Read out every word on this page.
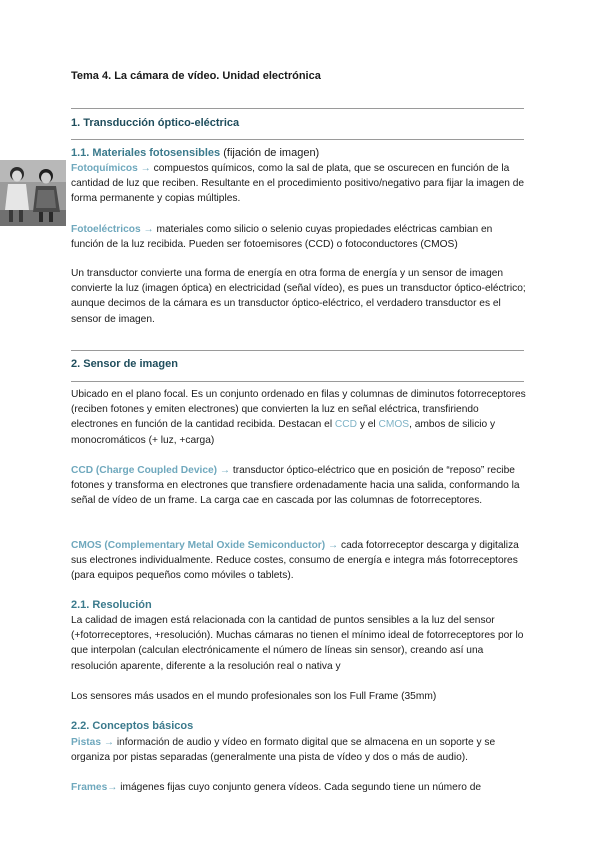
Tema 4. La cámara de vídeo. Unidad electrónica
1. Transducción óptico-eléctrica
1.1. Materiales fotosensibles (fijación de imagen)

Fotoquímicos → compuestos químicos, como la sal de plata, que se oscurecen en función de la cantidad de luz que reciben. Resultante en el procedimiento positivo/negativo para fijar la imagen de forma permanente y copias múltiples.

Fotoeléctricos → materiales como silicio o selenio cuyas propiedades eléctricas cambian en función de la luz recibida. Pueden ser fotoemisores (CCD) o fotoconductores (CMOS)

Un transductor convierte una forma de energía en otra forma de energía y un sensor de imagen convierte la luz (imagen óptica) en electricidad (señal vídeo), es pues un transductor óptico-eléctrico; aunque decimos de la cámara es un transductor óptico-eléctrico, el verdadero transductor es el sensor de imagen.

2. Sensor de imagen

Ubicado en el plano focal. Es un conjunto ordenado en filas y columnas de diminutos fotorreceptores (reciben fotones y emiten electrones) que convierten la luz en señal eléctrica, transfiriendo electrones en función de la cantidad recibida. Destacan el CCD y el CMOS, ambos de silicio y monocromáticos (+ luz, +carga)

CCD (Charge Coupled Device) → transductor óptico-eléctrico que en posición de “reposo” recibe fotones y transforma en electrones que transfiere ordenadamente hacia una salida, conformando la señal de vídeo de un frame. La carga cae en cascada por las columnas de fotorreceptores.

CMOS (Complementary Metal Oxide Semiconductor) → cada fotorreceptor descarga y digitaliza sus electrones individualmente. Reduce costes, consumo de energía e integra más fotorreceptores (para equipos pequeños como móviles o tablets).

2.1. Resolución

La calidad de imagen está relacionada con la cantidad de puntos sensibles a la luz del sensor (+fotorreceptores, +resolución). Muchas cámaras no tienen el mínimo ideal de fotorreceptores por lo que interpolan (calculan electrónicamente el número de líneas sin sensor), creando así una resolución aparente, diferente a la resolución real o nativa y

Los sensores más usados en el mundo profesionales son los Full Frame (35mm)

2.2. Conceptos básicos

Pistas → información de audio y vídeo en formato digital que se almacena en un soporte y se organiza por pistas separadas (generalmente una pista de vídeo y dos o más de audio).

Frames→ imágenes fijas cuyo conjunto genera vídeos. Cada segundo tiene un número de
